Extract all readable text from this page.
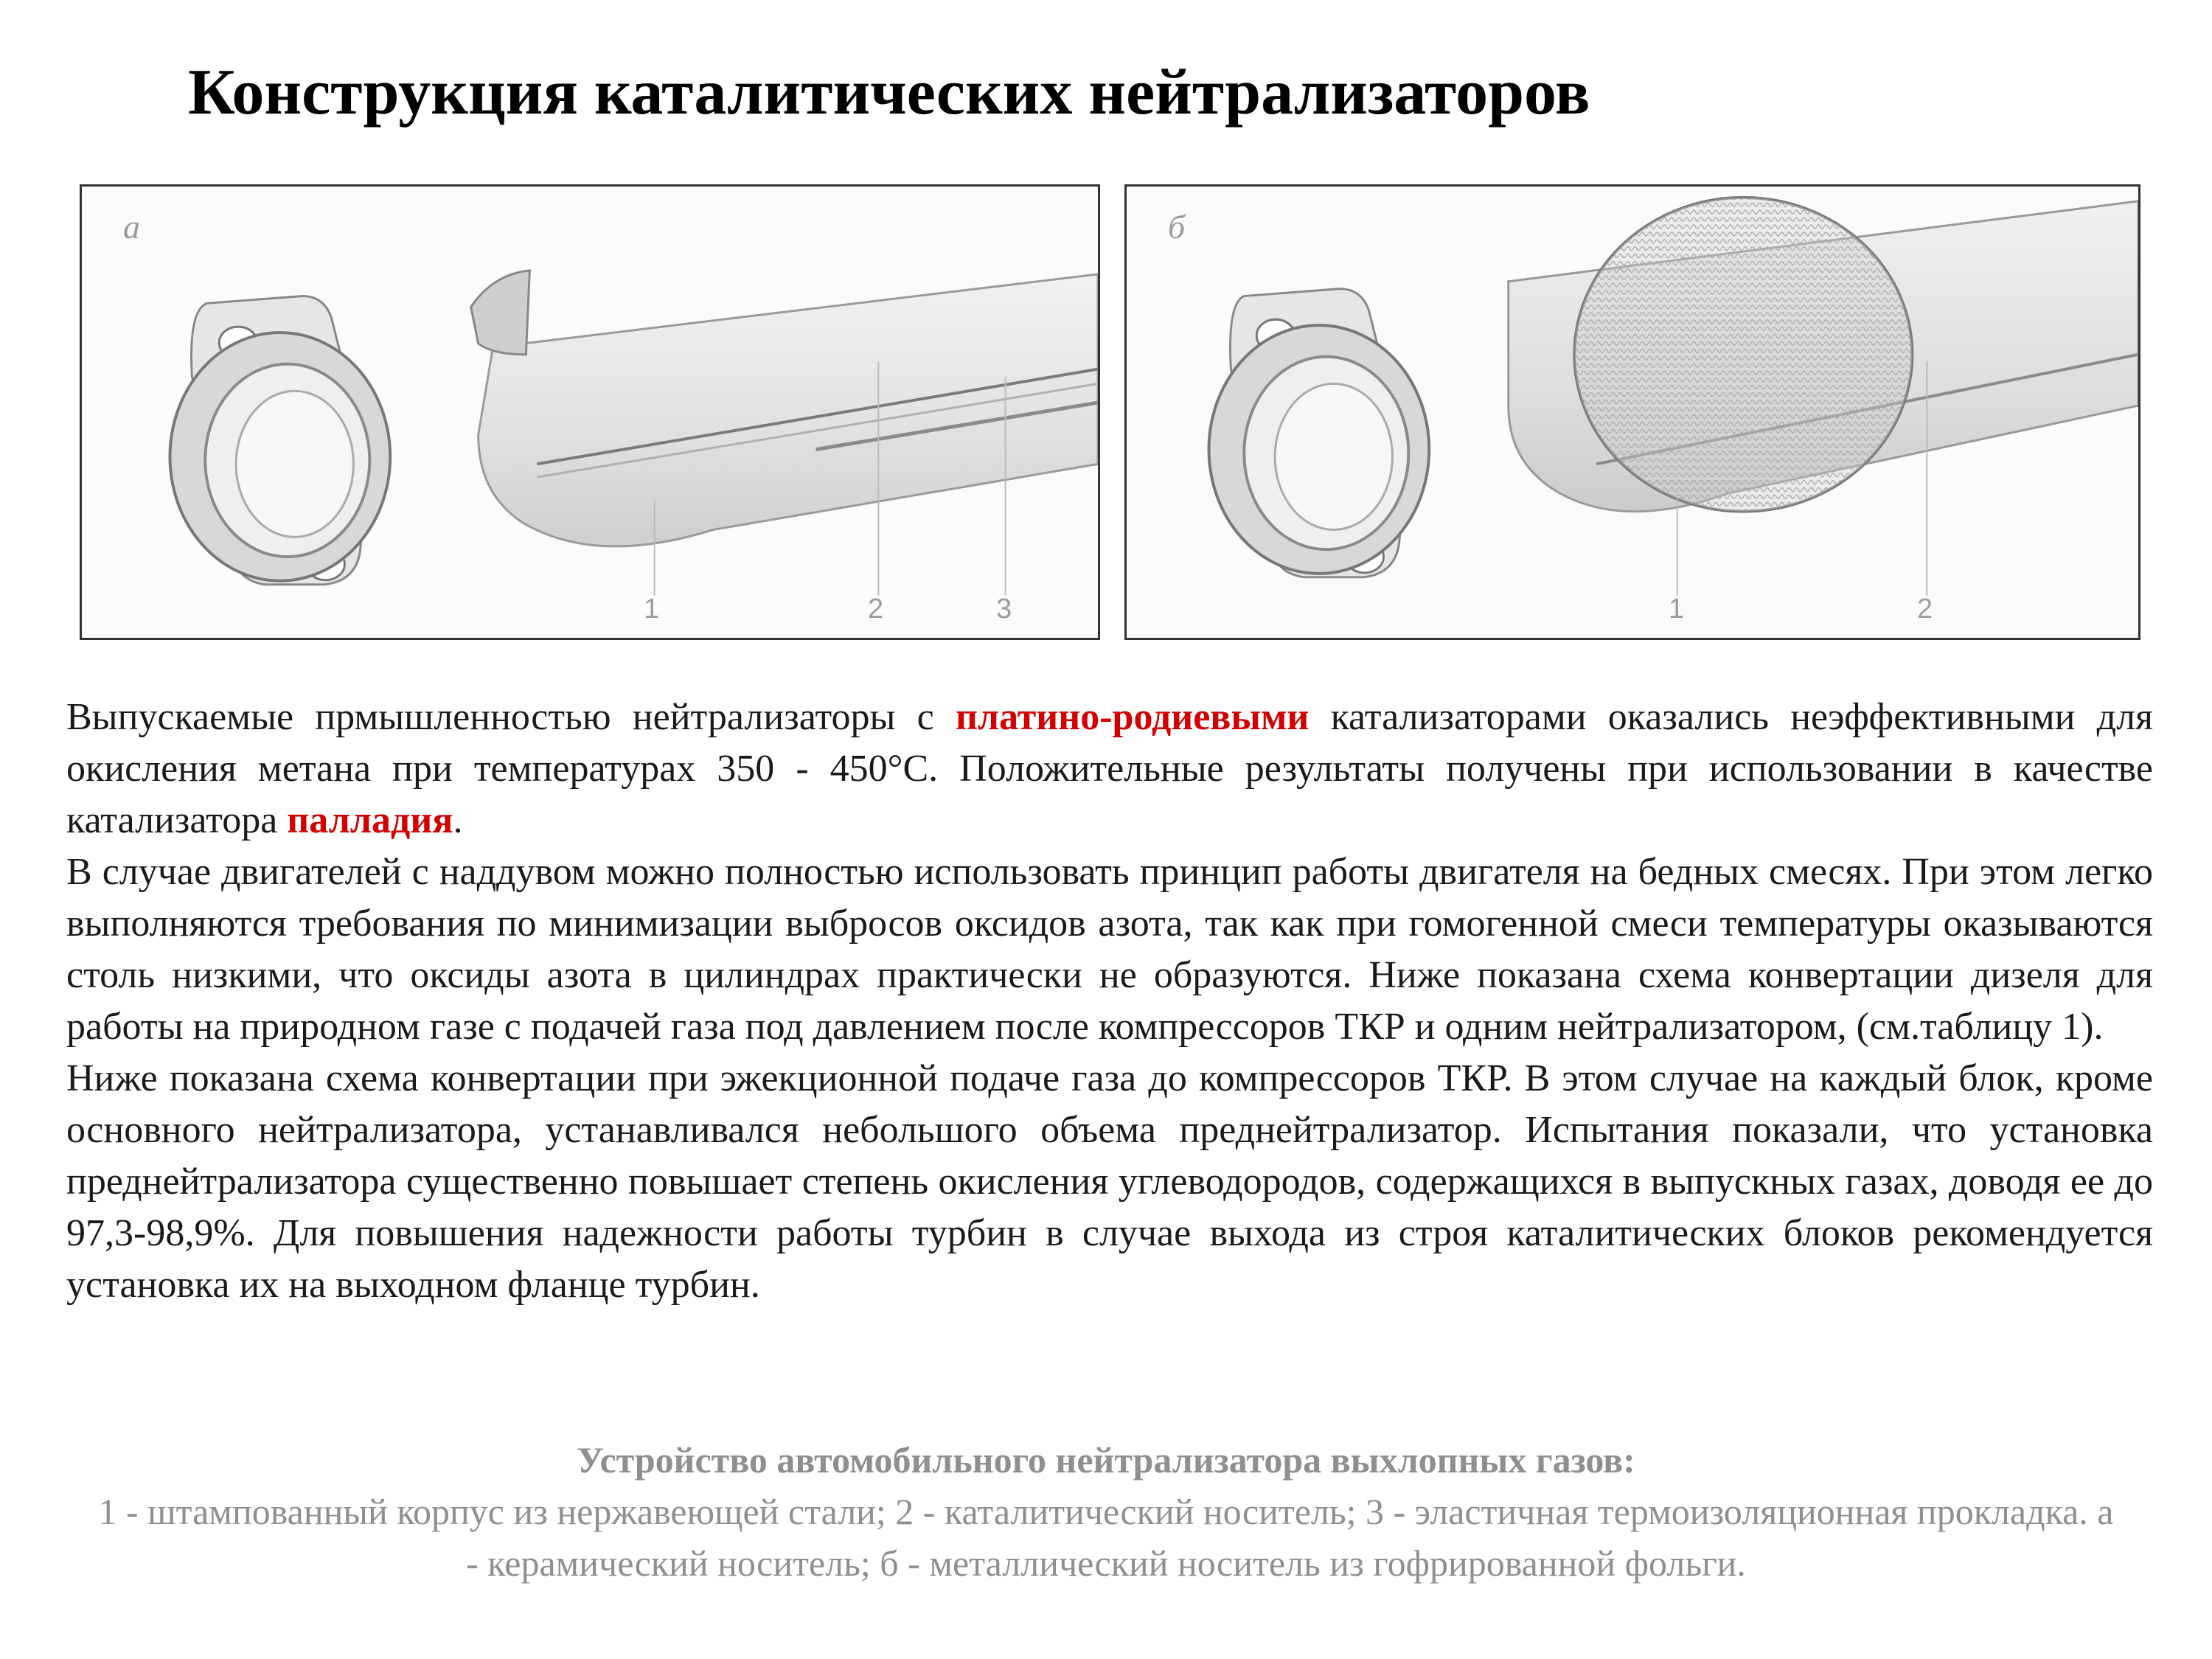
Конструкция каталитических нейтрализаторов
а
1	2	3
б
1	2

Выпускаемые прмышленностью нейтрализаторы с платино-родиевыми катализаторами оказались неэффективными для окисления метана при температурах 350 - 450°С. Положительные результаты получены при использовании в качестве катализатора палладия.

В случае двигателей с наддувом можно полностью использовать принцип работы двигателя на бедных смесях. При этом легко выполняются требования по минимизации выбросов оксидов азота, так как при гомогенной смеси температуры оказываются столь низкими, что оксиды азота в цилиндрах практически не образуются. Ниже показана схема конвертации дизеля для работы на природном газе с подачей газа под давлением после компрессоров ТКР и одним нейтрализатором, (см.таблицу 1).

Ниже показана схема конвертации при эжекционной подаче газа до компрессоров ТКР. В этом случае на каждый блок, кроме основного нейтрализатора, устанавливался небольшого объема преднейтрализатор. Испытания показали, что установка преднейтрализатора существенно повышает степень окисления углеводородов, содержащихся в выпускных газах, доводя ее до 97,3-98,9%. Для повышения надежности работы турбин в случае выхода из строя каталитических блоков рекомендуется установка их на выходном фланце турбин.

Устройство автомобильного нейтрализатора выхлопных газов:
1 - штампованный корпус из нержавеющей стали; 2 - каталитический носитель; 3 - эластичная термоизоляционная прокладка. а - керамический носитель; б - металлический носитель из гофрированной фольги.
